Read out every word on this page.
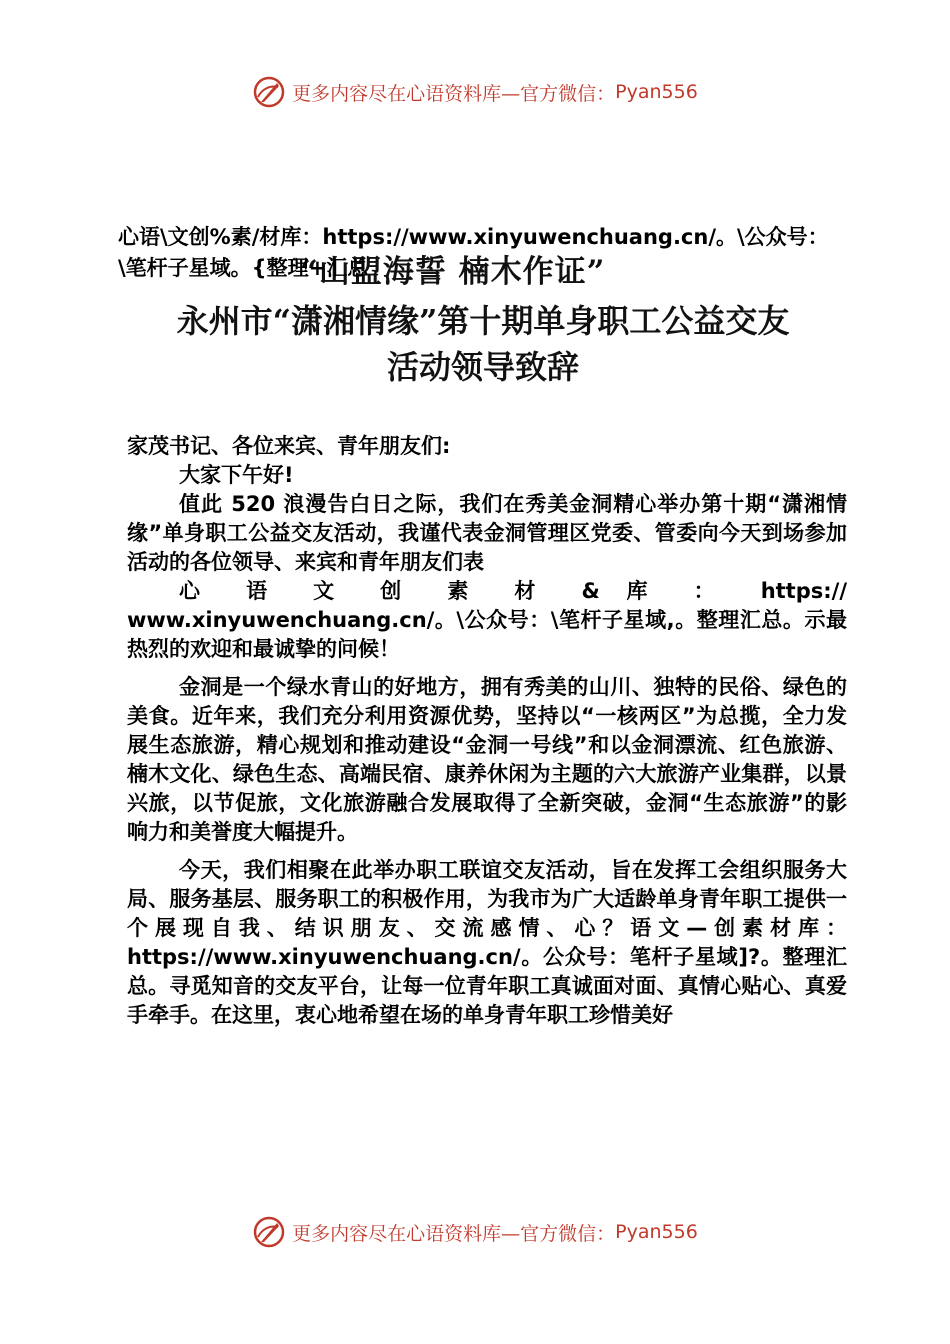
更多内容尽在心语资料库—官方微信： Pyan556
“山盟海誓 楠木作证”
心语\文创%素/材库：https://www.xinyuwenchuang.cn/。\公众号：\笔杆子星域。{整理+汇总
永州市“潇湘情缘”第十期单身职工公益交友
活动领导致辞

家茂书记、各位来宾、青年朋友们:

大家下午好!

值此 520 浪漫告白日之际，我们在秀美金洞精心举办第十期“潇湘情缘”单身职工公益交友活动，我谨代表金洞管理区党委、管委向今天到场参加活动的各位领导、来宾和青年朋友们表
心 语 文 创 素 材 & 库 ： https://
www.xinyuwenchuang.cn/。\公众号：\笔杆子星域,。整理汇总。示最热烈的欢迎和最诚挚的问候！

金洞是一个绿水青山的好地方，拥有秀美的山川、独特的民俗、绿色的美食。近年来，我们充分利用资源优势，坚持以“一核两区”为总揽，全力发展生态旅游，精心规划和推动建设“金洞一号线”和以金洞漂流、红色旅游、楠木文化、绿色生态、高端民宿、康养休闲为主题的六大旅游产业集群，以景兴旅，以节促旅，文化旅游融合发展取得了全新突破，金洞“生态旅游”的影响力和美誉度大幅提升。

今天，我们相聚在此举办职工联谊交友活动，旨在发挥工会组织服务大局、服务基层、服务职工的积极作用，为我市为广大适龄单身青年职工提供一个展现自我、结识朋友、交流感情、心？语文—创素材库：https://www.xinyuwenchuang.cn/。公众号：笔杆子星域]?。整理汇总。寻觅知音的交友平台，让每一位青年职工真诚面对面、真情心贴心、真爱手牵手。在这里，衷心地希望在场的单身青年职工珍惜美好

更多内容尽在心语资料库—官方微信： Pyan556
